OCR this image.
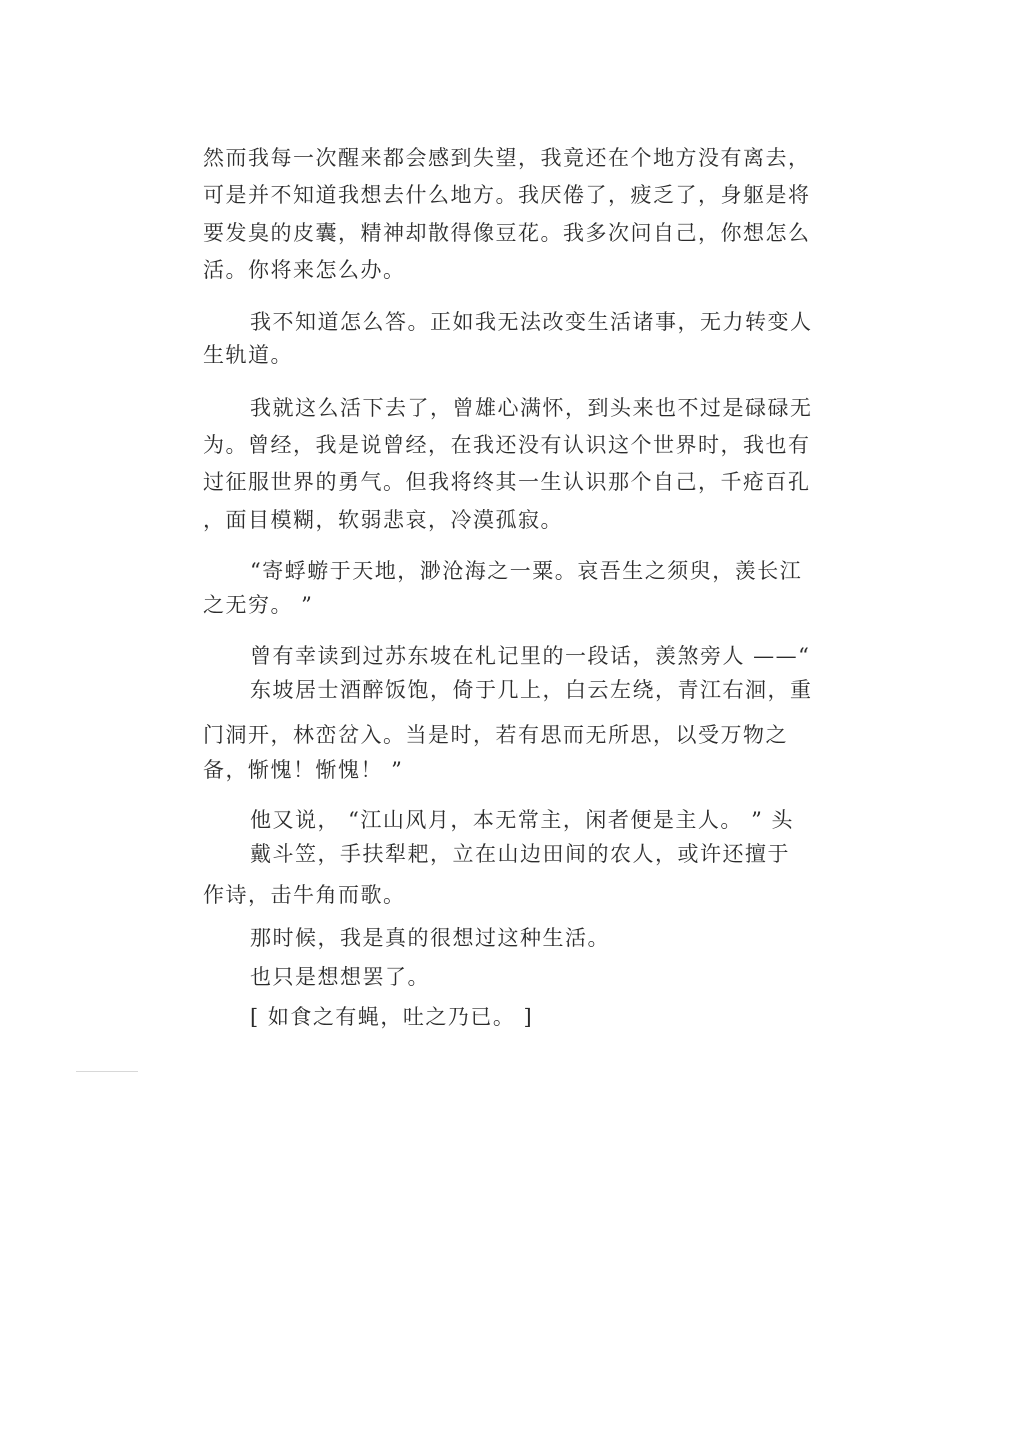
然而我每一次醒来都会感到失望，我竟还在个地方没有离去，
可是并不知道我想去什么地方。我厌倦了，疲乏了，身躯是将
要发臭的皮囊，精神却散得像豆花。我多次问自己，你想怎么
活。你将来怎么办。
我不知道怎么答。正如我无法改变生活诸事，无力转变人
生轨道。
我就这么活下去了，曾雄心满怀，到头来也不过是碌碌无
为。曾经，我是说曾经，在我还没有认识这个世界时，我也有
过征服世界的勇气。但我将终其一生认识那个自己，千疮百孔
，面目模糊，软弱悲哀，冷漠孤寂。
“寄蜉蝣于天地，渺沧海之一粟。哀吾生之须臾，羡长江
之无穷。 ”
曾有幸读到过苏东坡在札记里的一段话，羡煞旁人 ——“
东坡居士酒醉饭饱，倚于几上，白云左绕，青江右洄，重
门洞开，林峦岔入。当是时，若有思而无所思，以受万物之
备，惭愧！惭愧！ ”
他又说， “江山风月，本无常主，闲者便是主人。 ” 头
戴斗笠，手扶犁耙，立在山边田间的农人，或许还擅于
作诗，击牛角而歌。
那时候，我是真的很想过这种生活。
也只是想想罢了。
[ 如食之有蝇，吐之乃已。 ]
